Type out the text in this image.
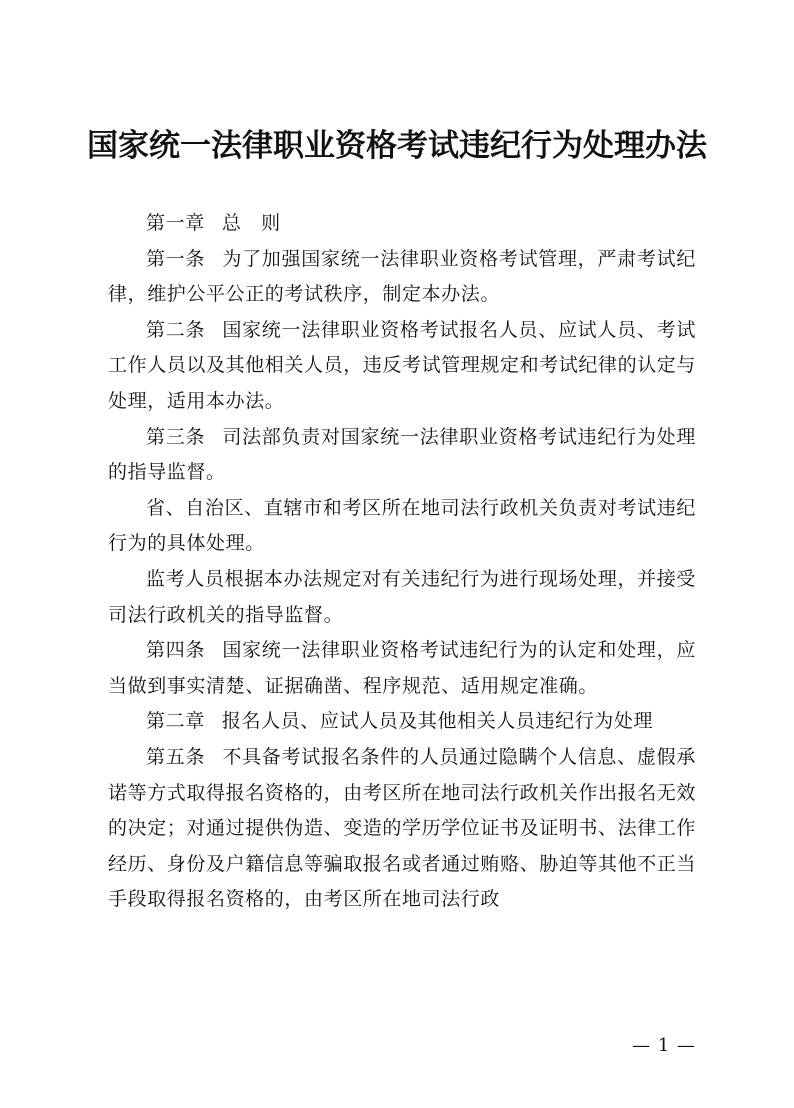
国家统一法律职业资格考试违纪行为处理办法

第一章 总　则

第一条 为了加强国家统一法律职业资格考试管理，严肃考试纪律，维护公平公正的考试秩序，制定本办法。

第二条 国家统一法律职业资格考试报名人员、应试人员、考试工作人员以及其他相关人员，违反考试管理规定和考试纪律的认定与处理，适用本办法。

第三条 司法部负责对国家统一法律职业资格考试违纪行为处理的指导监督。

省、自治区、直辖市和考区所在地司法行政机关负责对考试违纪行为的具体处理。

监考人员根据本办法规定对有关违纪行为进行现场处理，并接受司法行政机关的指导监督。

第四条 国家统一法律职业资格考试违纪行为的认定和处理，应当做到事实清楚、证据确凿、程序规范、适用规定准确。

第二章 报名人员、应试人员及其他相关人员违纪行为处理

第五条 不具备考试报名条件的人员通过隐瞒个人信息、虚假承诺等方式取得报名资格的，由考区所在地司法行政机关作出报名无效的决定；对通过提供伪造、变造的学历学位证书及证明书、法律工作经历、身份及户籍信息等骗取报名或者通过贿赂、胁迫等其他不正当手段取得报名资格的，由考区所在地司法行政

— 1 —
